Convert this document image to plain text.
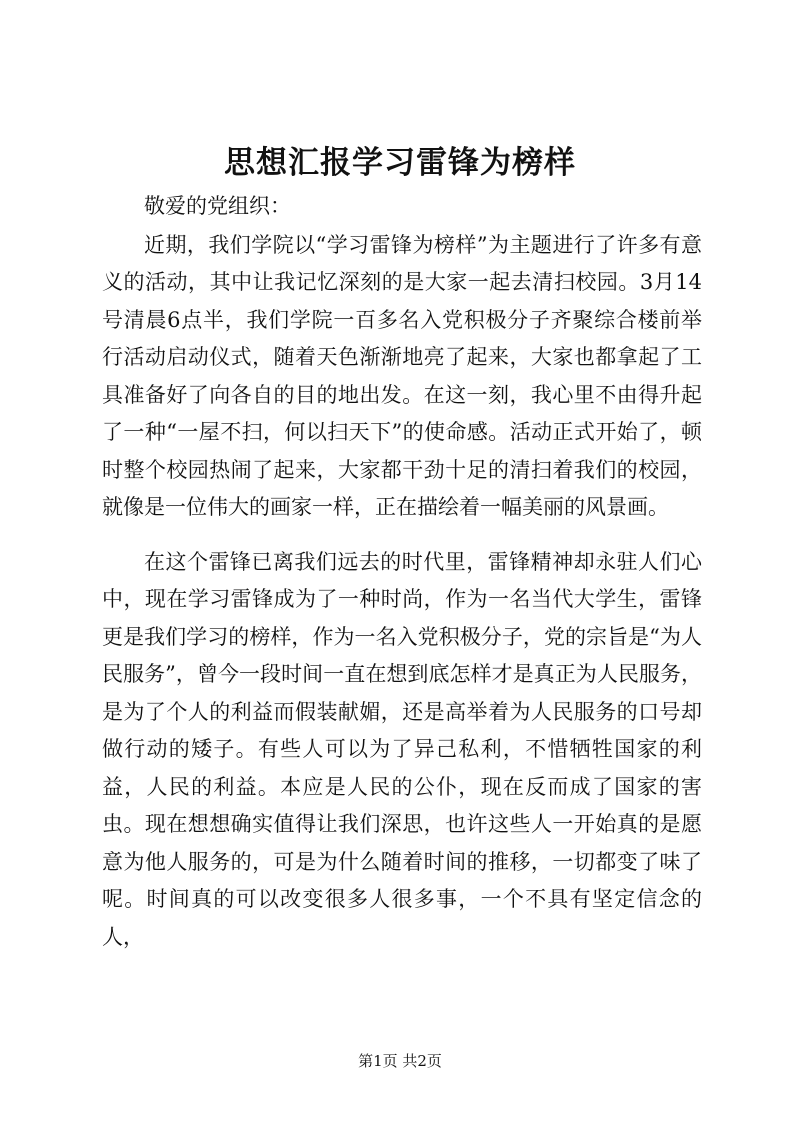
思想汇报学习雷锋为榜样

敬爱的党组织：

近期，我们学院以“学习雷锋为榜样”为主题进行了许多有意义的活动，其中让我记忆深刻的是大家一起去清扫校园。3月14号清晨6点半，我们学院一百多名入党积极分子齐聚综合楼前举行活动启动仪式，随着天色渐渐地亮了起来，大家也都拿起了工具准备好了向各自的目的地出发。在这一刻，我心里不由得升起了一种“一屋不扫，何以扫天下”的使命感。活动正式开始了，顿时整个校园热闹了起来，大家都干劲十足的清扫着我们的校园，就像是一位伟大的画家一样，正在描绘着一幅美丽的风景画。

在这个雷锋已离我们远去的时代里，雷锋精神却永驻人们心中，现在学习雷锋成为了一种时尚，作为一名当代大学生，雷锋更是我们学习的榜样，作为一名入党积极分子，党的宗旨是“为人民服务”，曾今一段时间一直在想到底怎样才是真正为人民服务，是为了个人的利益而假装献媚，还是高举着为人民服务的口号却做行动的矮子。有些人可以为了异己私利，不惜牺牲国家的利益，人民的利益。本应是人民的公仆，现在反而成了国家的害虫。现在想想确实值得让我们深思，也许这些人一开始真的是愿意为他人服务的，可是为什么随着时间的推移，一切都变了味了呢。时间真的可以改变很多人很多事，一个不具有坚定信念的人，

第1页 共2页
